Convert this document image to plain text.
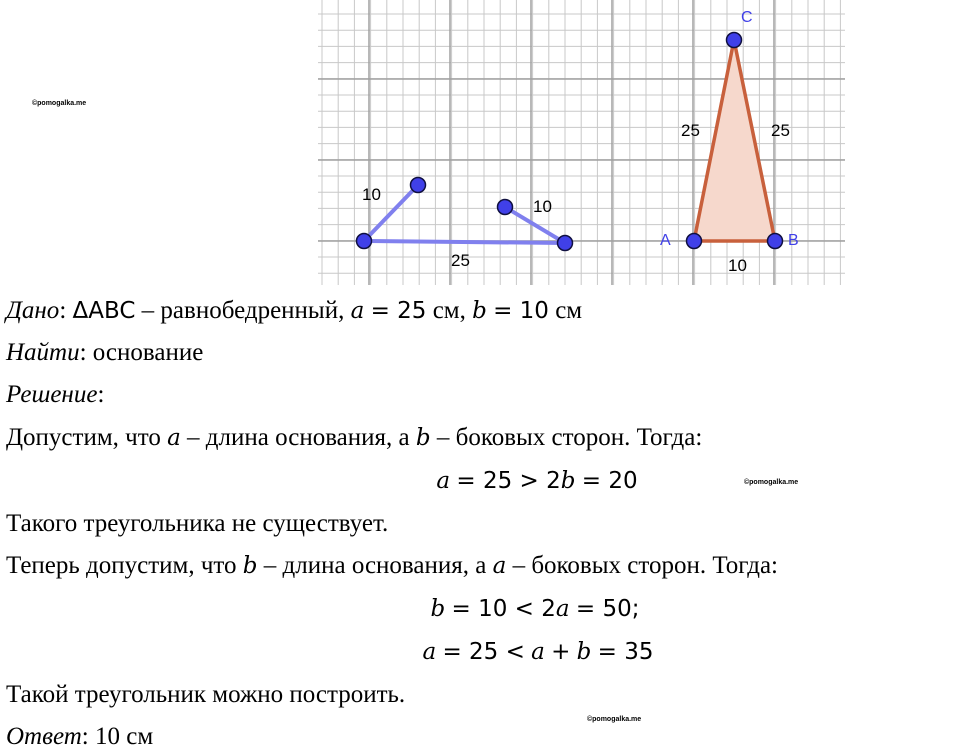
©pomogalka.me
©pomogalka.me
©pomogalka.me
10
10
25
25	25
10
A	B
C
Дано: ΔABC – равнобедренный, a = 25 см, b = 10 см
Найти: основание
Решение:
Допустим, что a – длина основания, а b – боковых сторон. Тогда:
a = 25 > 2b = 20
Такого треугольника не существует.
Теперь допустим, что b – длина основания, а a – боковых сторон. Тогда:
b = 10 < 2a = 50;
a = 25 < a + b = 35
Такой треугольник можно построить.
Ответ: 10 см
